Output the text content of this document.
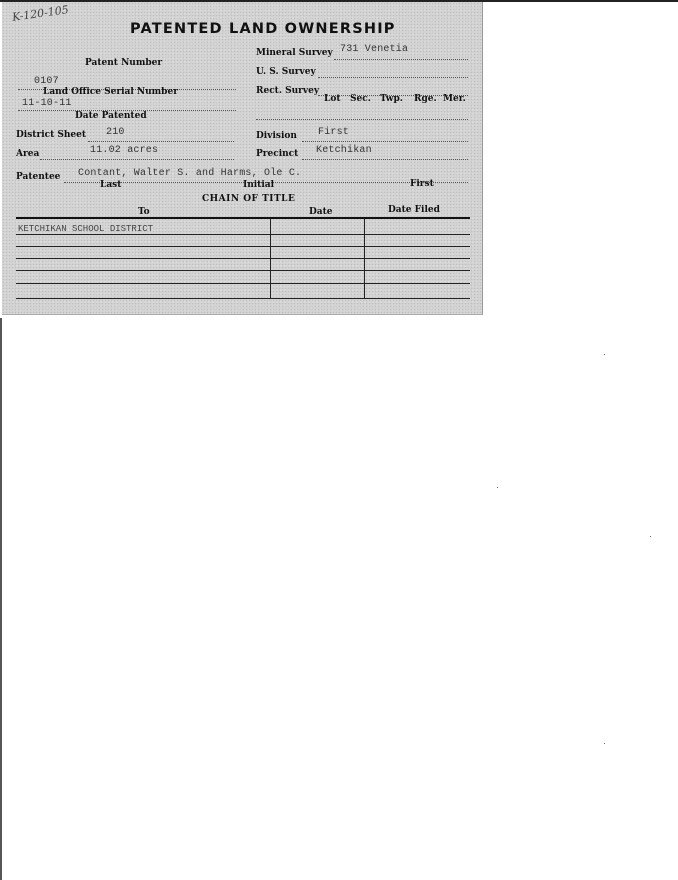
K-120-105
PATENTED LAND OWNERSHIP
Patent Number
0107
Land Office Serial Number
11-10-11
Date Patented
District Sheet 210
Area	11.02 acres
Mineral Survey 731 Venetia
U. S. Survey
Rect. Survey
Lot Sec. Twp. Rge. Mer.
Division First
Precinct Ketchikan
Patentee Contant, Walter S. and Harms, Ole C.
Last	Initial	First
CHAIN OF TITLE
To	Date	Date Filed
KETCHIKAN SCHOOL DISTRICT
